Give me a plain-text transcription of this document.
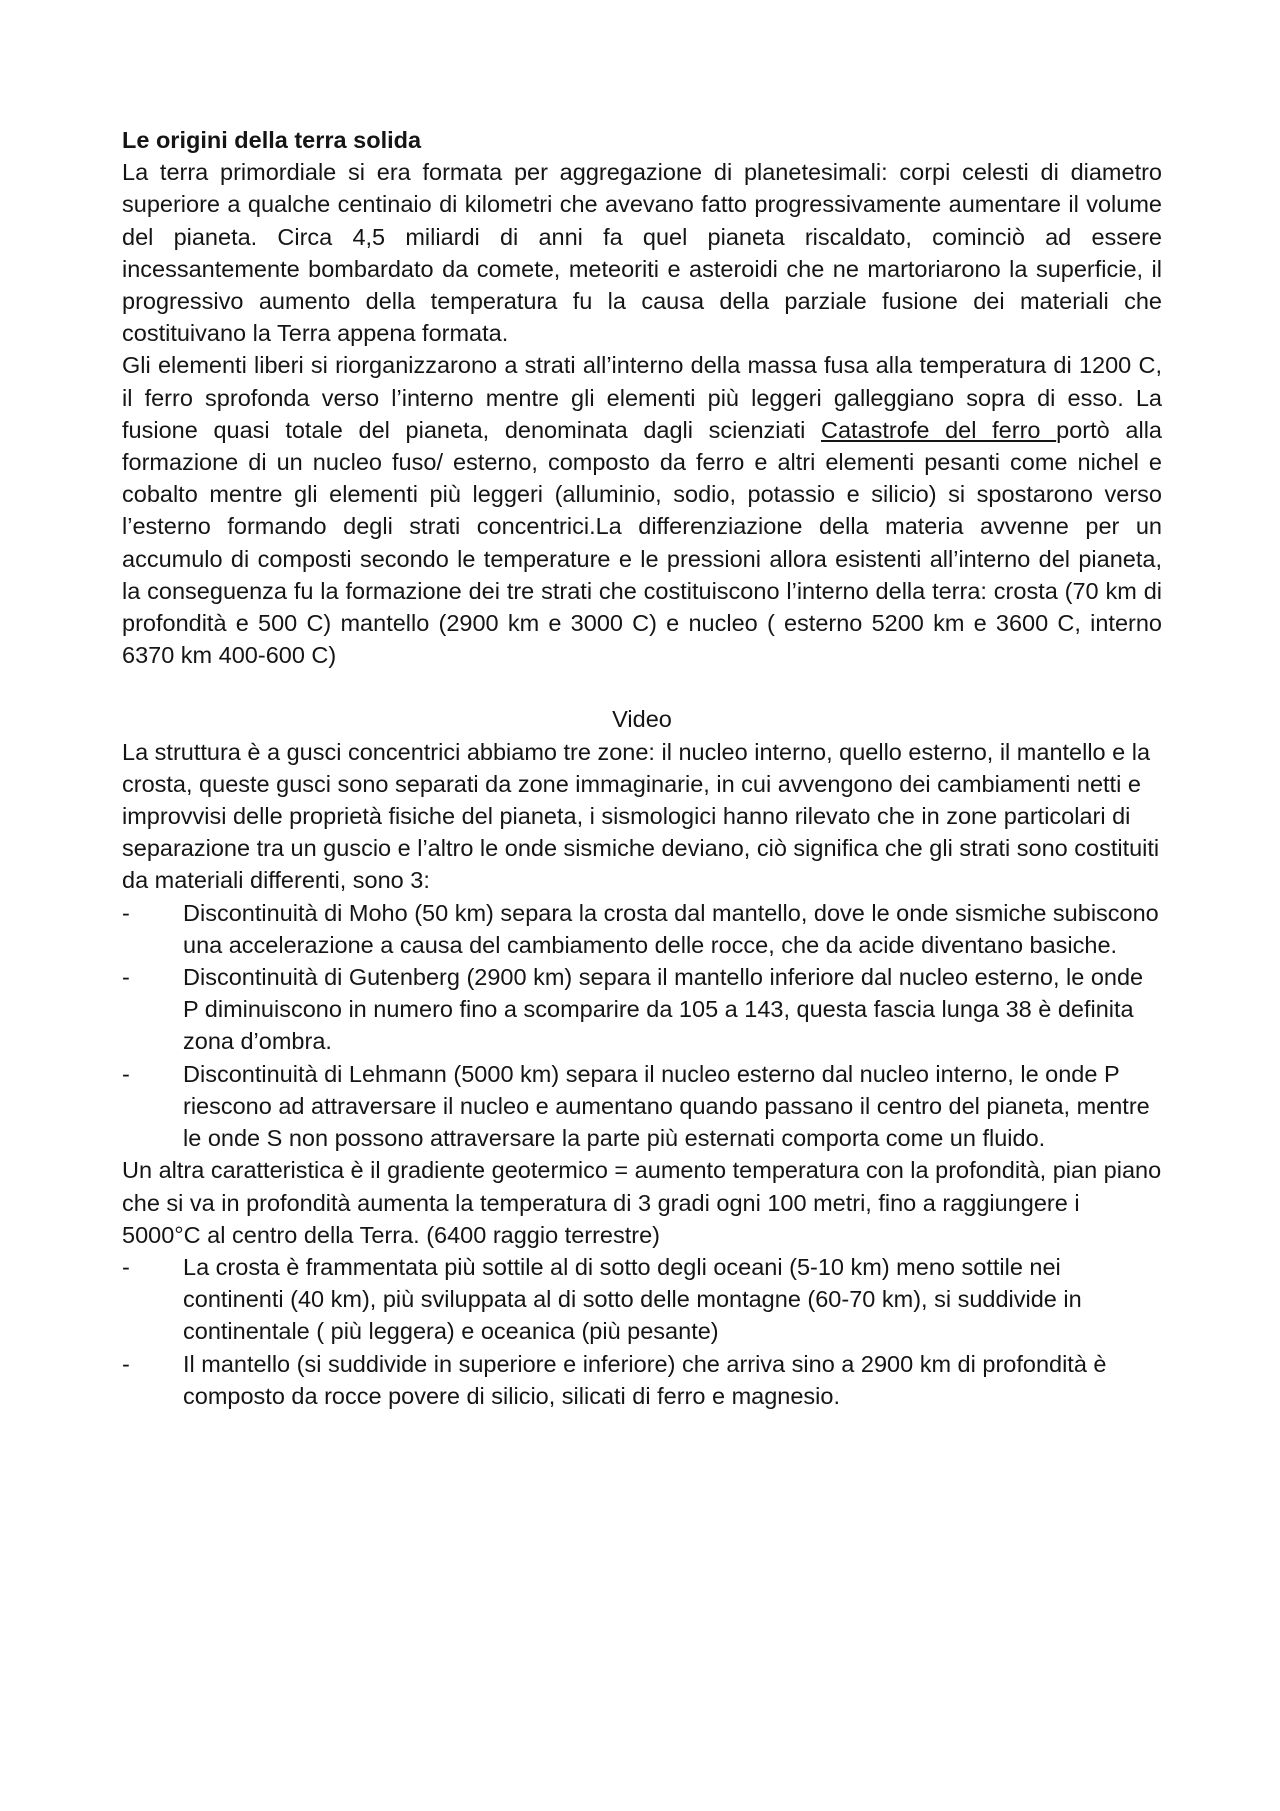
Le origini della terra solida

La terra primordiale si era formata per aggregazione di planetesimali: corpi celesti di diametro superiore a qualche centinaio di kilometri che avevano fatto progressivamente aumentare il volume del pianeta. Circa 4,5 miliardi di anni fa quel pianeta riscaldato, cominciò ad essere incessantemente bombardato da comete, meteoriti e asteroidi che ne martoriarono la superficie, il progressivo aumento della temperatura fu la causa della parziale fusione dei materiali che costituivano la Terra appena formata.

Gli elementi liberi si riorganizzarono a strati all’interno della massa fusa alla temperatura di 1200 C, il ferro sprofonda verso l’interno mentre gli elementi più leggeri galleggiano sopra di esso. La fusione quasi totale del pianeta, denominata dagli scienziati Catastrofe del ferro portò alla formazione di un nucleo fuso/ esterno, composto da ferro e altri elementi pesanti come nichel e cobalto mentre gli elementi più leggeri (alluminio, sodio, potassio e silicio) si spostarono verso l’esterno formando degli strati concentrici.La differenziazione della materia avvenne per un accumulo di composti secondo le temperature e le pressioni allora esistenti all’interno del pianeta, la conseguenza fu la formazione dei tre strati che costituiscono l’interno della terra: crosta (70 km di profondità e 500 C) mantello (2900 km e 3000 C) e nucleo ( esterno 5200 km e 3600 C, interno 6370 km 400-600 C)

Video

La struttura è a gusci concentrici abbiamo tre zone: il nucleo interno, quello esterno, il mantello e la crosta, queste gusci sono separati da zone immaginarie, in cui avvengono dei cambiamenti netti e improvvisi delle proprietà fisiche del pianeta, i sismologici hanno rilevato che in zone particolari di separazione tra un guscio e l’altro le onde sismiche deviano, ciò significa che gli strati sono costituiti da materiali differenti, sono 3:

- Discontinuità di Moho (50 km) separa la crosta dal mantello, dove le onde sismiche subiscono una accelerazione a causa del cambiamento delle rocce, che da acide diventano basiche.
- Discontinuità di Gutenberg (2900 km) separa il mantello inferiore dal nucleo esterno, le onde P diminuiscono in numero fino a scomparire da 105 a 143, questa fascia lunga 38 è definita zona d’ombra.
- Discontinuità di Lehmann (5000 km) separa il nucleo esterno dal nucleo interno, le onde P riescono ad attraversare il nucleo e aumentano quando passano il centro del pianeta, mentre le onde S non possono attraversare la parte più esternati comporta come un fluido.

Un altra caratteristica è il gradiente geotermico = aumento temperatura con la profondità, pian piano che si va in profondità aumenta la temperatura di 3 gradi ogni 100 metri, fino a raggiungere i 5000°C al centro della Terra. (6400 raggio terrestre)

- La crosta è frammentata più sottile al di sotto degli oceani (5-10 km) meno sottile nei continenti (40 km), più sviluppata al di sotto delle montagne (60-70 km), si suddivide in continentale ( più leggera) e oceanica (più pesante)
- Il mantello (si suddivide in superiore e inferiore) che arriva sino a 2900 km di profondità è composto da rocce povere di silicio, silicati di ferro e magnesio.
